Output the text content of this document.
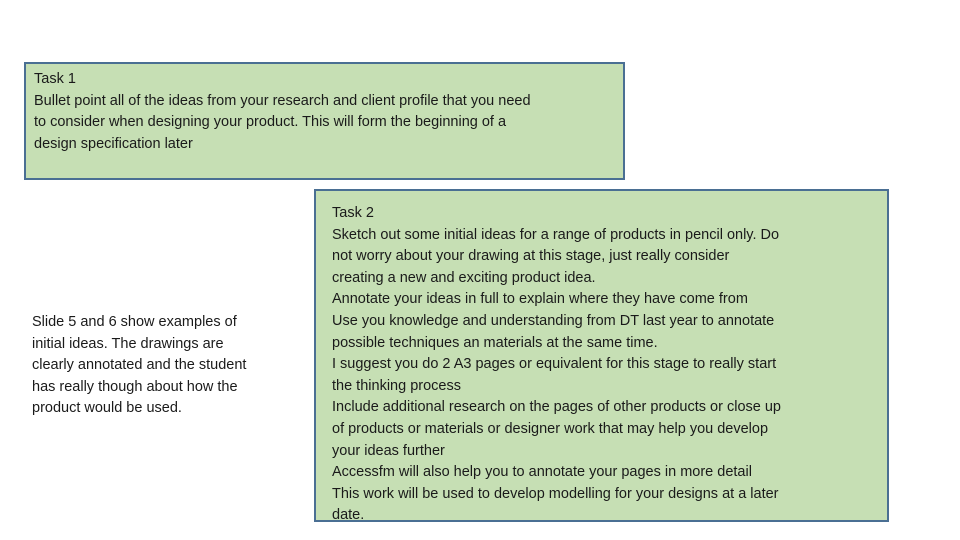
Task 1
Bullet point all of the ideas from your research and client profile that you need
to consider when designing your product. This will form the beginning of a
design specification later
Slide 5 and 6 show examples of
initial ideas. The drawings are
clearly annotated and the student
has really though about how the
product would be used.
Task 2
Sketch out some initial ideas for a range of products in pencil only. Do
not worry about your drawing at this stage, just really consider
creating a new and exciting product idea.
Annotate your ideas in full to explain where they have come from
Use you knowledge and understanding from DT last year to annotate
possible techniques an materials at the same time.
I suggest you do 2 A3 pages or equivalent for this stage to really start
the thinking process
Include additional research on the pages of other products or close up
of products or materials or designer work that may help you develop
your ideas further
Accessfm will also help you to annotate your pages in more detail
This work will be used to develop modelling for your designs at a later
date.
